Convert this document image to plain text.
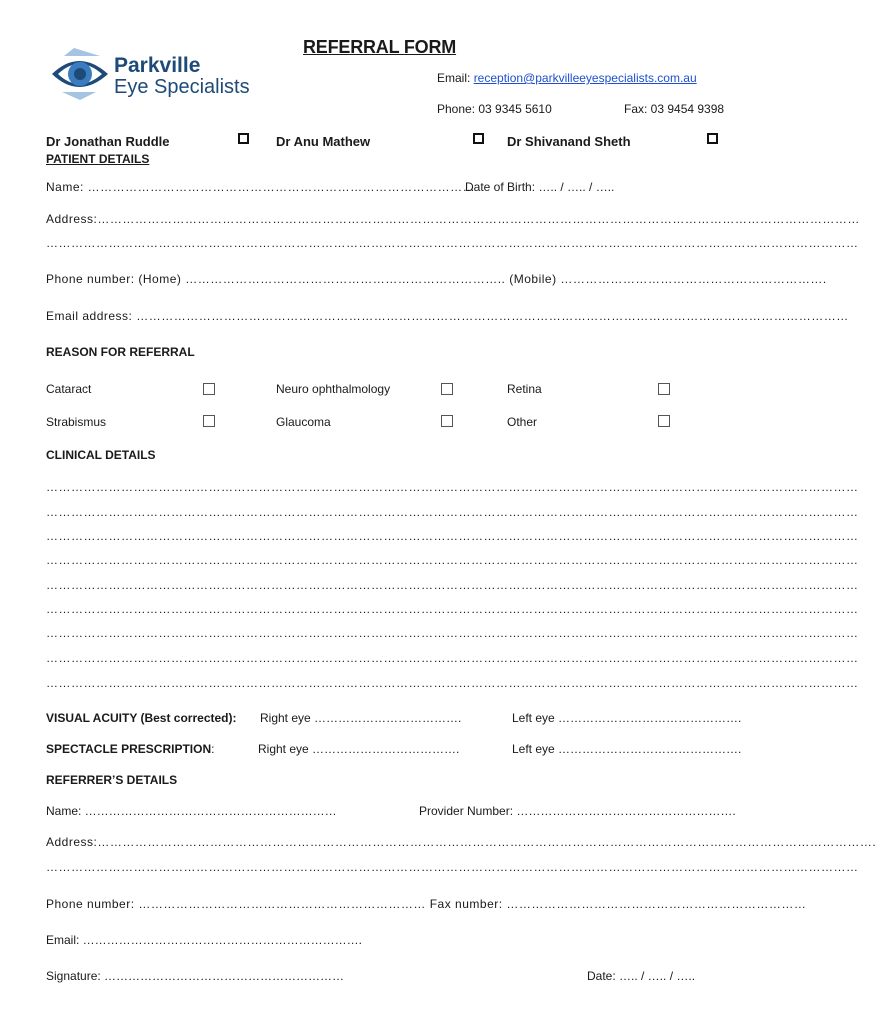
Parkville
Eye Specialists
REFERRAL FORM
Email: reception@parkvilleeyespecialists.com.au
Phone: 03 9345 5610	Fax: 03 9454 9398
Dr Jonathan Ruddle	Dr Anu Mathew	Dr Shivanand Sheth
PATIENT DETAILS
Name: …………………………………………………………………………………
Date of Birth: ….. / ….. / …..
Address:…………………………………………………………………………………………………………………………………………………………………
……………………………………………………………………………………………………………………………………………………………………………
Phone number: (Home) ………………………………………………………………….. (Mobile) ……………………………………………………….
Email address: ………………………………………………………………………………………………………………………………………………………
REASON FOR REFERRAL
Cataract	Neuro ophthalmology	Retina
Strabismus	Glaucoma	Other
CLINICAL DETAILS
……………………………………………………………………………………………………………………………………………………………………………
……………………………………………………………………………………………………………………………………………………………………………
……………………………………………………………………………………………………………………………………………………………………………
……………………………………………………………………………………………………………………………………………………………………………
……………………………………………………………………………………………………………………………………………………………………………
……………………………………………………………………………………………………………………………………………………………………………
……………………………………………………………………………………………………………………………………………………………………………
……………………………………………………………………………………………………………………………………………………………………………
……………………………………………………………………………………………………………………………………………………………………………
VISUAL ACUITY (Best corrected): Right eye ……………………………….	Left eye ……………………………………….
SPECTACLE PRESCRIPTION:	Right eye ……………………………….	Left eye ……………………………………….
REFERRER’S DETAILS
Name: ………………………………………………………	Provider Number: ……………………………………………….
Address:…………………………………………………………………………………………………………………………………………………………………….
……………………………………………………………………………………………………………………………………………………………………………
Phone number: …………………………………………………………… Fax number: ………………………………………………………………
Email: …………………………………………………………….
Signature: ……………………………………………………	Date: ….. / ….. / …..
